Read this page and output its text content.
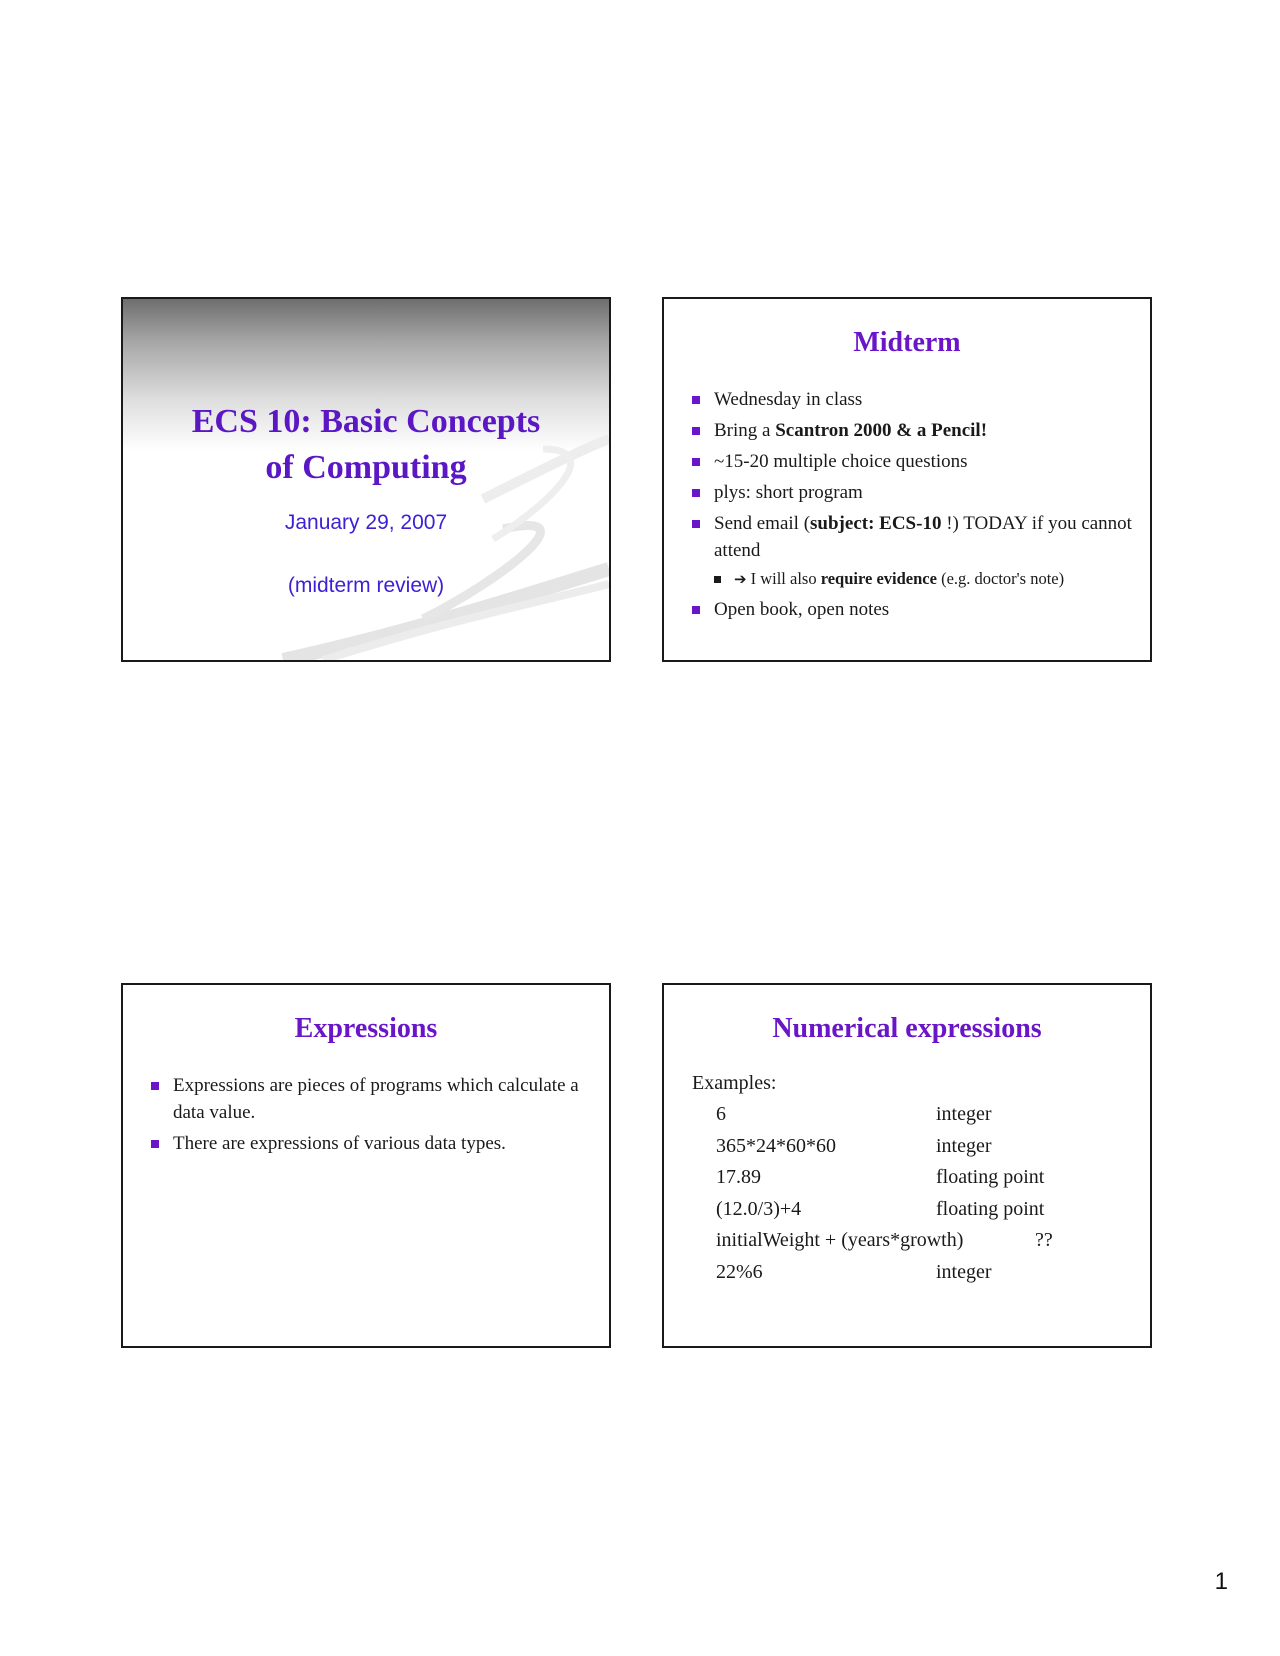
ECS 10: Basic Concepts
of Computing
January 29, 2007
(midterm review)
Midterm
Wednesday in class
Bring a Scantron 2000 & a Pencil!
~15-20 multiple choice questions
plys: short program
Send email (subject: ECS-10 !) TODAY if you cannot attend
➔ I will also require evidence (e.g. doctor's note)
Open book, open notes
Expressions
Expressions are pieces of programs which calculate a data value.
There are expressions of various data types.
Numerical expressions
Examples:
6	integer
365*24*60*60	integer
17.89	floating point
(12.0/3)+4	floating point
initialWeight + (years*growth)	??
22%6	integer
1
